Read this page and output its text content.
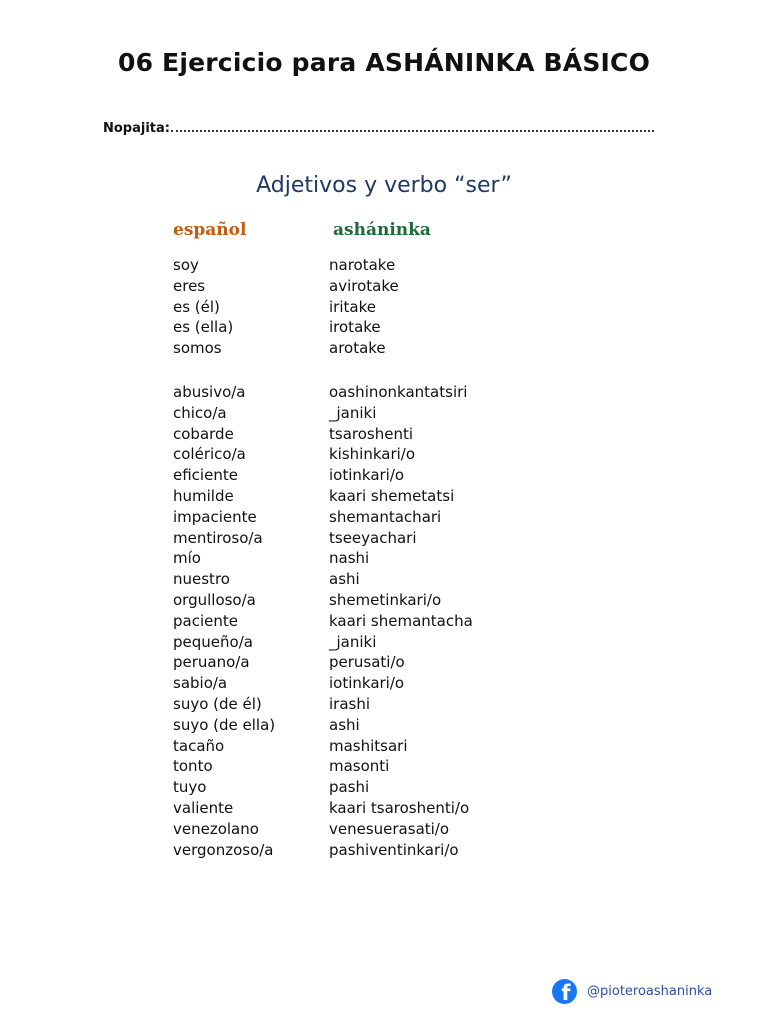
06 Ejercicio para ASHÁNINKA BÁSICO
Nopajita:
Adjetivos y verbo “ser”
español	asháninka
soy	narotake
eres	avirotake
es (él)	iritake
es (ella)	irotake
somos	arotake
abusivo/a	oashinonkantatsiri
chico/a	_janiki
cobarde	tsaroshenti
colérico/a	kishinkari/o
eficiente	iotinkari/o
humilde	kaari shemetatsi
impaciente	shemantachari
mentiroso/a	tseeyachari
mío	nashi
nuestro	ashi
orgulloso/a	shemetinkari/o
paciente	kaari shemantacha
pequeño/a	_janiki
peruano/a	perusati/o
sabio/a	iotinkari/o
suyo (de él)	irashi
suyo (de ella)	ashi
tacaño	mashitsari
tonto	masonti
tuyo	pashi
valiente	kaari tsaroshenti/o
venezolano	venesuerasati/o
vergonzoso/a	pashiventinkari/o
f @pioteroashaninka
